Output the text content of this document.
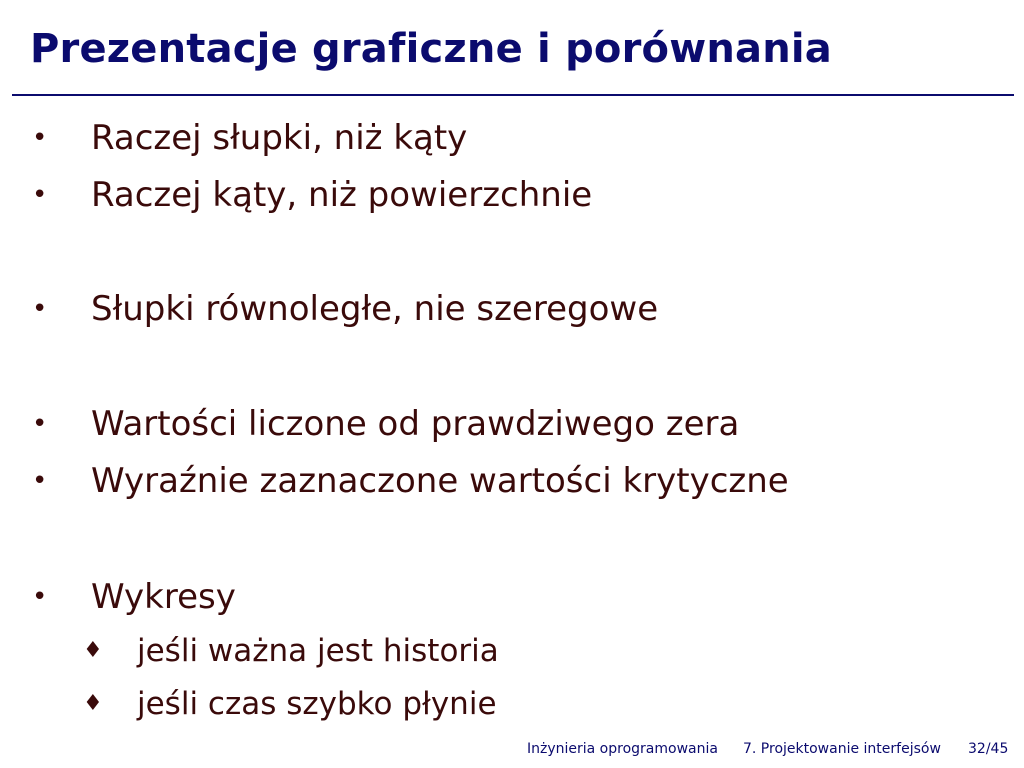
Prezentacje graficzne i porównania
• Raczej słupki, niż kąty
• Raczej kąty, niż powierzchnie
• Słupki równoległe, nie szeregowe
• Wartości liczone od prawdziwego zera
• Wyraźnie zaznaczone wartości krytyczne
• Wykresy
♦ jeśli ważna jest historia
♦ jeśli czas szybko płynie
Inżynieria oprogramowania 7. Projektowanie interfejsów 32/45
